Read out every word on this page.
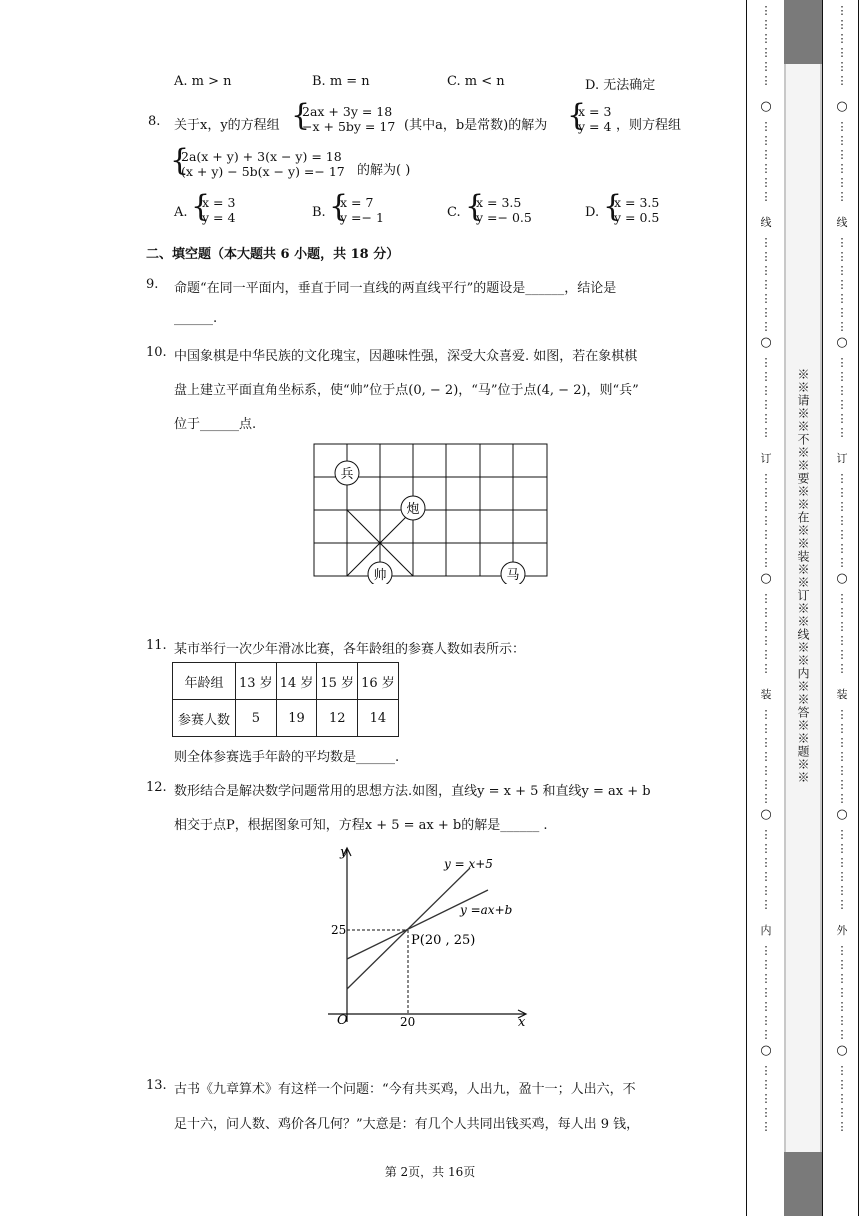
A. m > n	B. m = n	C. m < n	D. 无法确定
8. 关于x，y的方程组 {
2ax + 3y = 18
−x + 5by = 17 (其中a，b是常数)的解为 {
x = 3
y = 4 ，则方程组
{
2a(x + y) + 3(x − y) = 18
(x + y) − 5b(x − y) =− 17 的解为( )
A. {
x = 3
y = 4	B. {
x = 7
y =− 1	C. {
x = 3.5
y =− 0.5	D. {
x = 3.5
y = 0.5
二、填空题（本大题共 6 小题，共 18 分）
9. 命题“在同一平面内，垂直于同一直线的两直线平行”的题设是______，结论是
______.
10. 中国象棋是中华民族的文化瑰宝，因趣味性强，深受大众喜爱. 如图，若在象棋棋
盘上建立平面直角坐标系，使“帅”位于点(0, − 2)，“马”位于点(4, − 2)，则“兵”
位于______点.
兵
炮
帅	马
11. 某市举行一次少年滑冰比赛，各年龄组的参赛人数如表所示：
年龄组	13 岁	14 岁	15 岁	16 岁
参赛人数	5	19	12	14
则全体参赛选手年龄的平均数是______.
12. 数形结合是解决数学问题常用的思想方法.如图，直线y = x + 5 和直线y = ax + b
相交于点P，根据图象可知，方程x + 5 = ax + b的解是______ .
y
x
O
25
20
y = x+5
y =ax+b
P(20 , 25)
13. 古书《九章算术》有这样一个问题：“今有共买鸡，人出九，盈十一；人出六，不
足十六，问人数、鸡价各几何？”大意是：有几个人共同出钱买鸡，每人出 9 钱，
第 2页，共 16页
※※请※※不※※要※※在※※装※※订※※线※※内※※答※※题※※
⋮
⋮
⋮
⋮
⋮
⋮
○
⋮
⋮
⋮
⋮
⋮
⋮
线
⋮
⋮
⋮
⋮
⋮
⋮
⋮
○
⋮
⋮
⋮
⋮
⋮
⋮
订
⋮
⋮
⋮
⋮
⋮
⋮
⋮
○
⋮
⋮
⋮
⋮
⋮
⋮
装
⋮
⋮
⋮
⋮
⋮
⋮
⋮
○
⋮
⋮
⋮
⋮
⋮
⋮
内
⋮
⋮
⋮
⋮
⋮
⋮
⋮
○
⋮
⋮
⋮
⋮
⋮
⋮
⋮
⋮
⋮
⋮
⋮
○
⋮
⋮
⋮
⋮
⋮
⋮
线
⋮
⋮
⋮
⋮
⋮
⋮
⋮
○
⋮
⋮
⋮
⋮
⋮
⋮
订
⋮
⋮
⋮
⋮
⋮
⋮
⋮
○
⋮
⋮
⋮
⋮
⋮
⋮
装
⋮
⋮
⋮
⋮
⋮
⋮
⋮
○
⋮
⋮
⋮
⋮
⋮
⋮
外
⋮
⋮
⋮
⋮
⋮
⋮
⋮
○
⋮
⋮
⋮
⋮
⋮
